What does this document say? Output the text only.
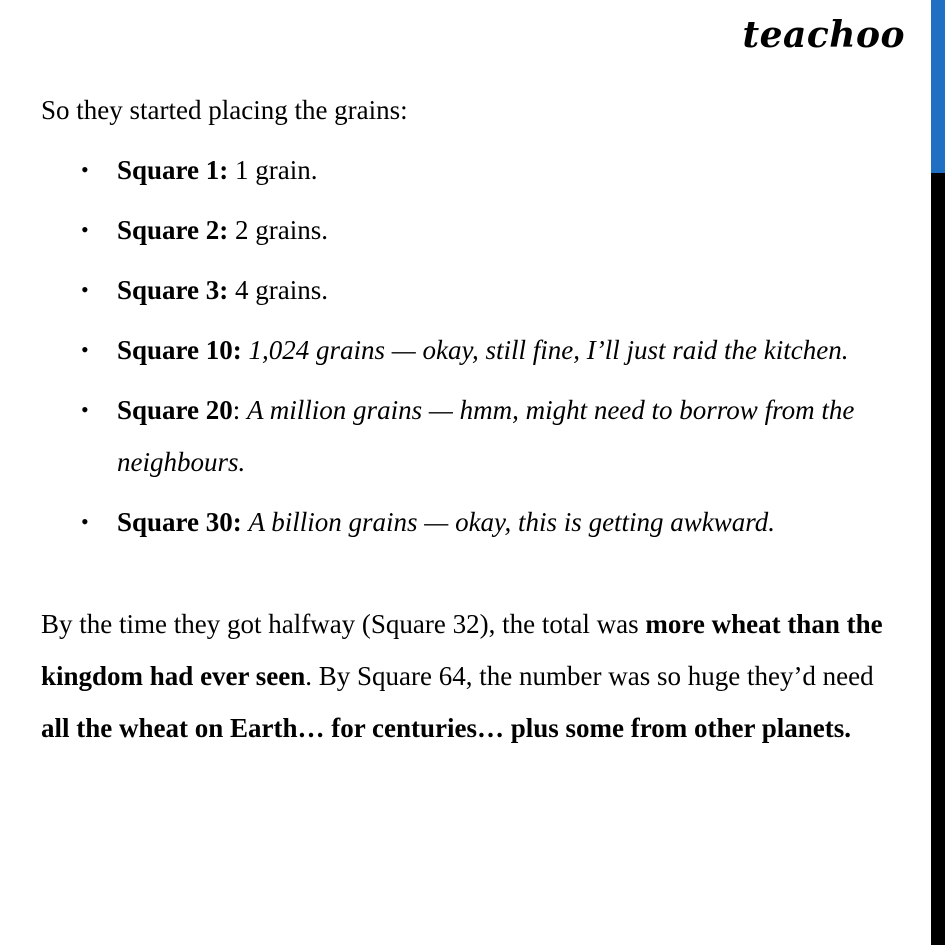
teachoo

So they started placing the grains:

• Square 1: 1 grain.
• Square 2: 2 grains.
• Square 3: 4 grains.
• Square 10: 1,024 grains — okay, still fine, I’ll just raid the kitchen.
• Square 20: A million grains — hmm, might need to borrow from the neighbours.
• Square 30: A billion grains — okay, this is getting awkward.

By the time they got halfway (Square 32), the total was more wheat than the kingdom had ever seen. By Square 64, the number was so huge they’d need all the wheat on Earth… for centuries… plus some from other planets.
